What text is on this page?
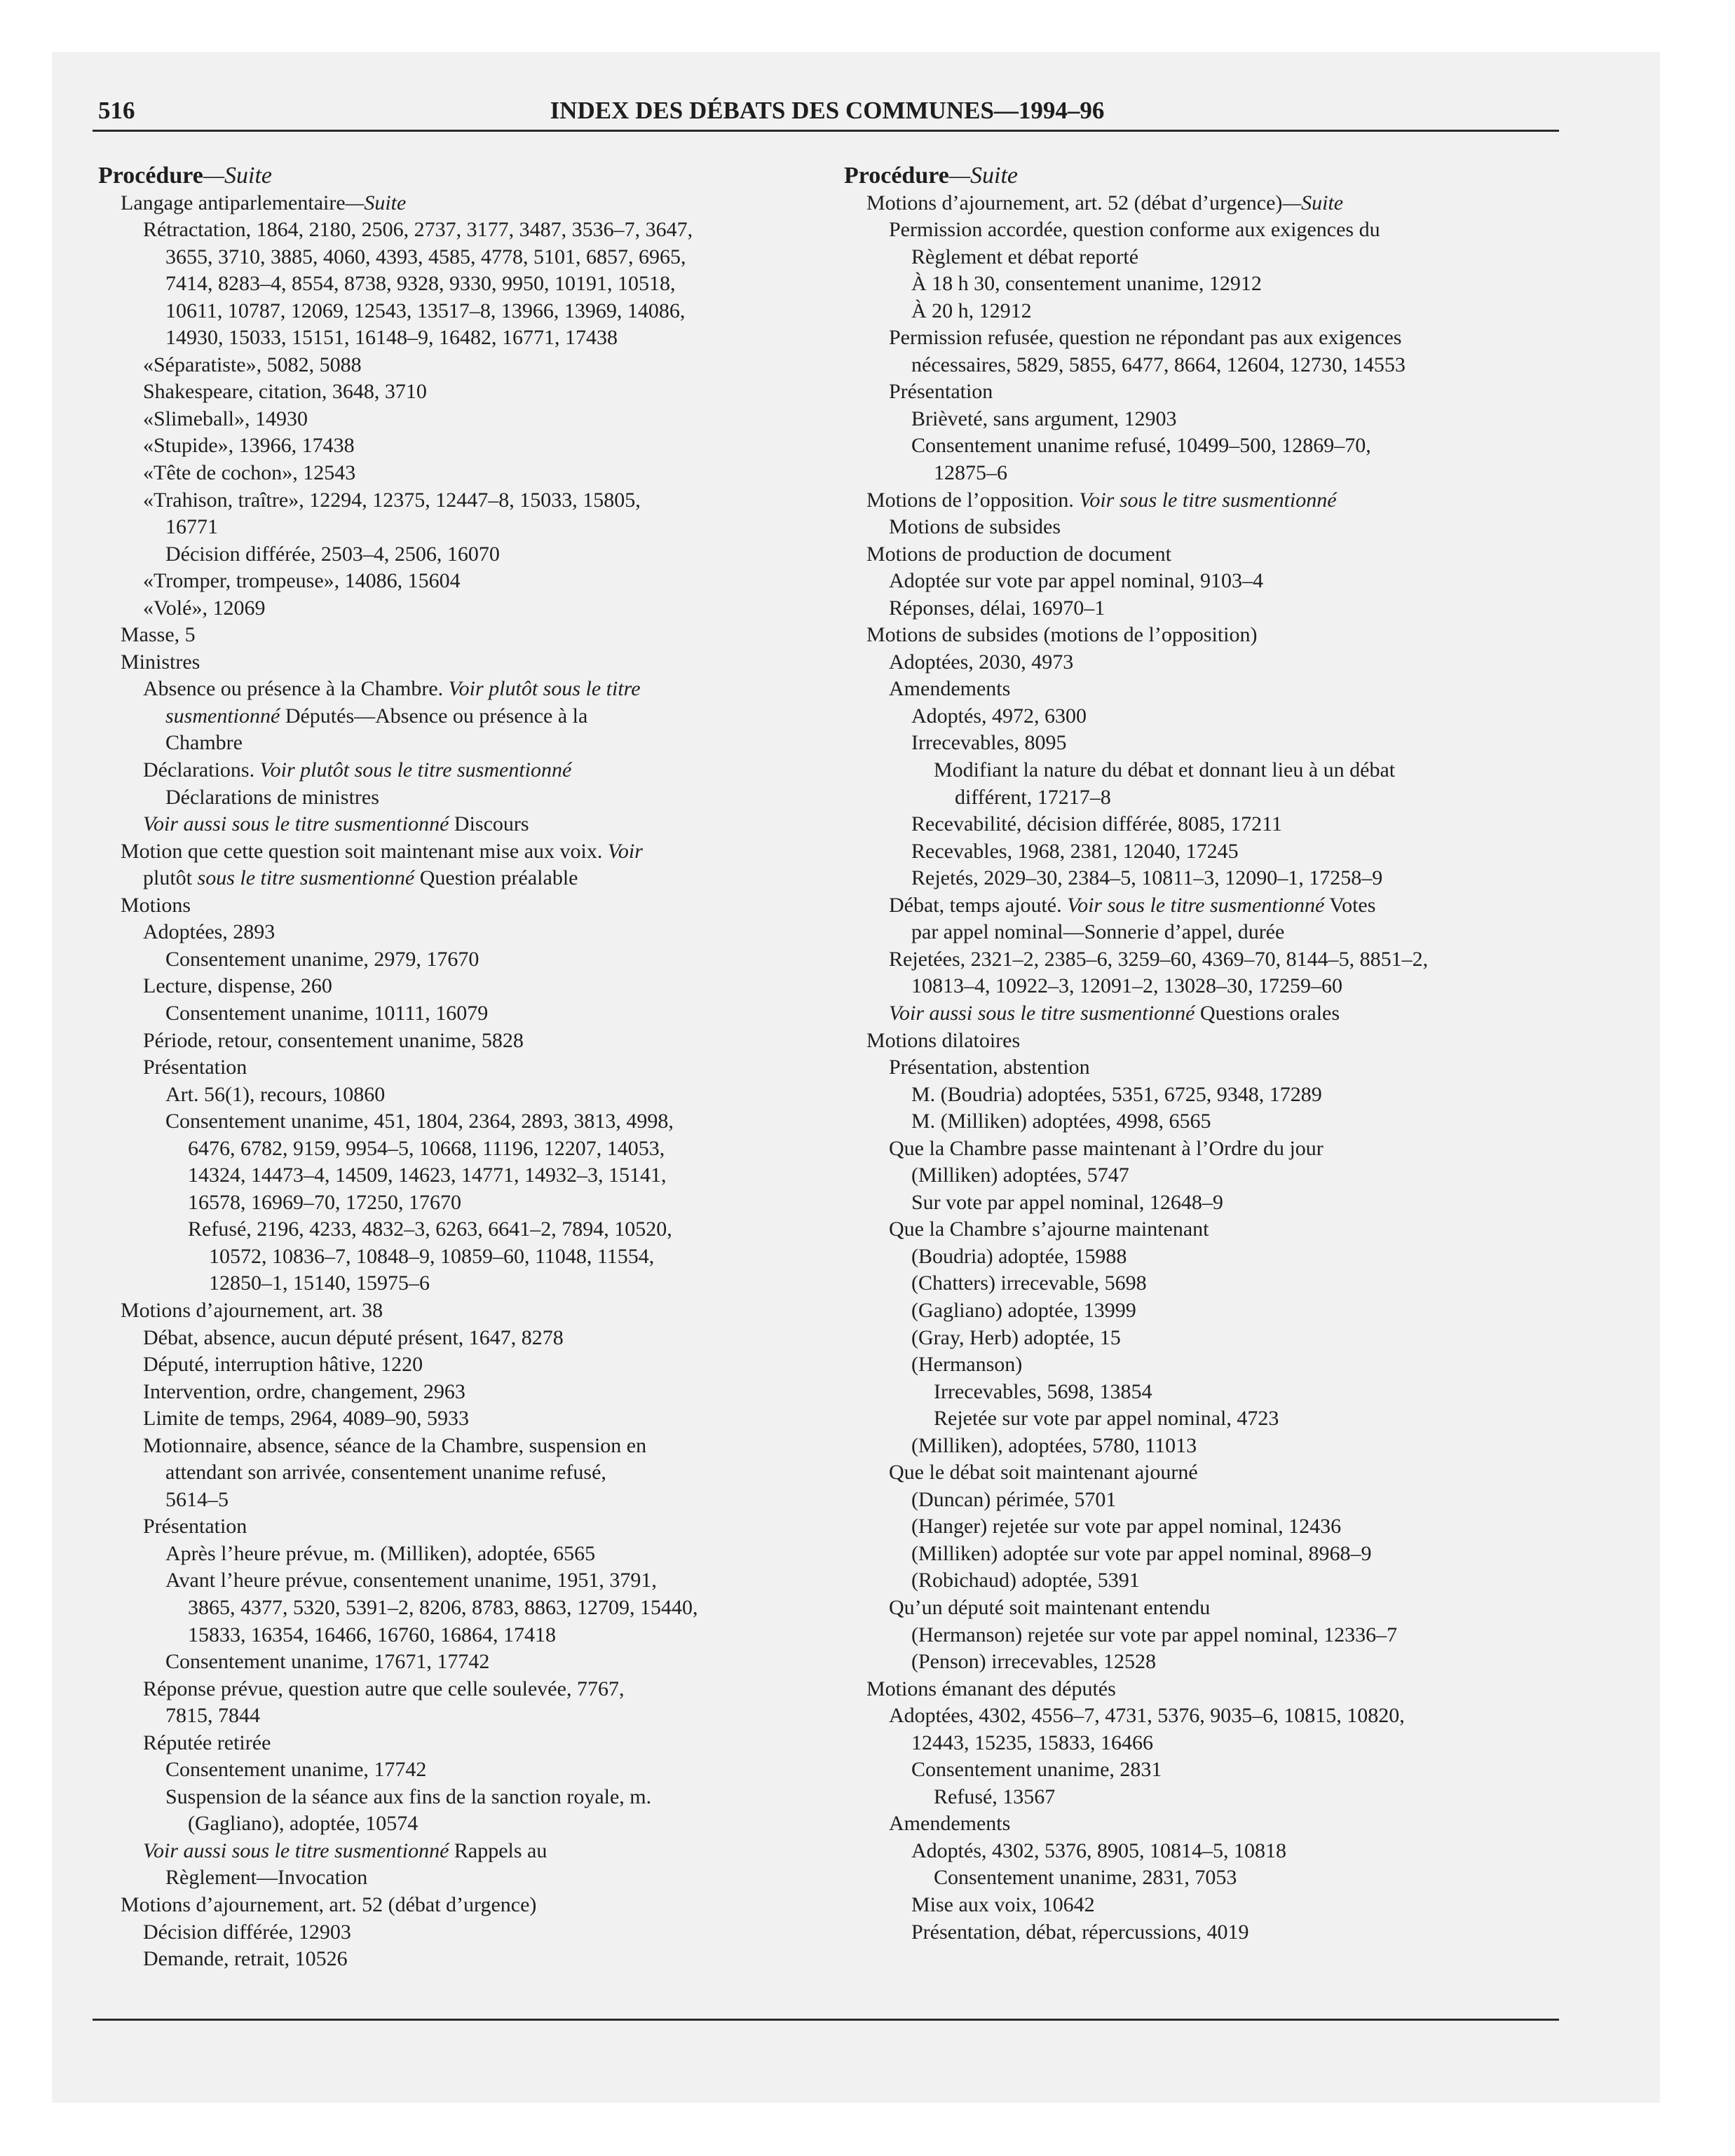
516	INDEX DES DÉBATS DES COMMUNES—1994–96
Procédure—Suite
Langage antiparlementaire—Suite
Rétractation, 1864, 2180, 2506, 2737, 3177, 3487, 3536–7, 3647,
3655, 3710, 3885, 4060, 4393, 4585, 4778, 5101, 6857, 6965,
7414, 8283–4, 8554, 8738, 9328, 9330, 9950, 10191, 10518,
10611, 10787, 12069, 12543, 13517–8, 13966, 13969, 14086,
14930, 15033, 15151, 16148–9, 16482, 16771, 17438
«Séparatiste», 5082, 5088
Shakespeare, citation, 3648, 3710
«Slimeball», 14930
«Stupide», 13966, 17438
«Tête de cochon», 12543
«Trahison, traître», 12294, 12375, 12447–8, 15033, 15805,
16771
Décision différée, 2503–4, 2506, 16070
«Tromper, trompeuse», 14086, 15604
«Volé», 12069
Masse, 5
Ministres
Absence ou présence à la Chambre. Voir plutôt sous le titre
susmentionné Députés—Absence ou présence à la
Chambre
Déclarations. Voir plutôt sous le titre susmentionné
Déclarations de ministres
Voir aussi sous le titre susmentionné Discours
Motion que cette question soit maintenant mise aux voix. Voir
plutôt sous le titre susmentionné Question préalable
Motions
Adoptées, 2893
Consentement unanime, 2979, 17670
Lecture, dispense, 260
Consentement unanime, 10111, 16079
Période, retour, consentement unanime, 5828
Présentation
Art. 56(1), recours, 10860
Consentement unanime, 451, 1804, 2364, 2893, 3813, 4998,
6476, 6782, 9159, 9954–5, 10668, 11196, 12207, 14053,
14324, 14473–4, 14509, 14623, 14771, 14932–3, 15141,
16578, 16969–70, 17250, 17670
Refusé, 2196, 4233, 4832–3, 6263, 6641–2, 7894, 10520,
10572, 10836–7, 10848–9, 10859–60, 11048, 11554,
12850–1, 15140, 15975–6
Motions d’ajournement, art. 38
Débat, absence, aucun député présent, 1647, 8278
Député, interruption hâtive, 1220
Intervention, ordre, changement, 2963
Limite de temps, 2964, 4089–90, 5933
Motionnaire, absence, séance de la Chambre, suspension en
attendant son arrivée, consentement unanime refusé,
5614–5
Présentation
Après l’heure prévue, m. (Milliken), adoptée, 6565
Avant l’heure prévue, consentement unanime, 1951, 3791,
3865, 4377, 5320, 5391–2, 8206, 8783, 8863, 12709, 15440,
15833, 16354, 16466, 16760, 16864, 17418
Consentement unanime, 17671, 17742
Réponse prévue, question autre que celle soulevée, 7767,
7815, 7844
Réputée retirée
Consentement unanime, 17742
Suspension de la séance aux fins de la sanction royale, m.
(Gagliano), adoptée, 10574
Voir aussi sous le titre susmentionné Rappels au
Règlement—Invocation
Motions d’ajournement, art. 52 (débat d’urgence)
Décision différée, 12903
Demande, retrait, 10526
Procédure—Suite
Motions d’ajournement, art. 52 (débat d’urgence)—Suite
Permission accordée, question conforme aux exigences du
Règlement et débat reporté
À 18 h 30, consentement unanime, 12912
À 20 h, 12912
Permission refusée, question ne répondant pas aux exigences
nécessaires, 5829, 5855, 6477, 8664, 12604, 12730, 14553
Présentation
Brièveté, sans argument, 12903
Consentement unanime refusé, 10499–500, 12869–70,
12875–6
Motions de l’opposition. Voir sous le titre susmentionné
Motions de subsides
Motions de production de document
Adoptée sur vote par appel nominal, 9103–4
Réponses, délai, 16970–1
Motions de subsides (motions de l’opposition)
Adoptées, 2030, 4973
Amendements
Adoptés, 4972, 6300
Irrecevables, 8095
Modifiant la nature du débat et donnant lieu à un débat
différent, 17217–8
Recevabilité, décision différée, 8085, 17211
Recevables, 1968, 2381, 12040, 17245
Rejetés, 2029–30, 2384–5, 10811–3, 12090–1, 17258–9
Débat, temps ajouté. Voir sous le titre susmentionné Votes
par appel nominal—Sonnerie d’appel, durée
Rejetées, 2321–2, 2385–6, 3259–60, 4369–70, 8144–5, 8851–2,
10813–4, 10922–3, 12091–2, 13028–30, 17259–60
Voir aussi sous le titre susmentionné Questions orales
Motions dilatoires
Présentation, abstention
M. (Boudria) adoptées, 5351, 6725, 9348, 17289
M. (Milliken) adoptées, 4998, 6565
Que la Chambre passe maintenant à l’Ordre du jour
(Milliken) adoptées, 5747
Sur vote par appel nominal, 12648–9
Que la Chambre s’ajourne maintenant
(Boudria) adoptée, 15988
(Chatters) irrecevable, 5698
(Gagliano) adoptée, 13999
(Gray, Herb) adoptée, 15
(Hermanson)
Irrecevables, 5698, 13854
Rejetée sur vote par appel nominal, 4723
(Milliken), adoptées, 5780, 11013
Que le débat soit maintenant ajourné
(Duncan) périmée, 5701
(Hanger) rejetée sur vote par appel nominal, 12436
(Milliken) adoptée sur vote par appel nominal, 8968–9
(Robichaud) adoptée, 5391
Qu’un député soit maintenant entendu
(Hermanson) rejetée sur vote par appel nominal, 12336–7
(Penson) irrecevables, 12528
Motions émanant des députés
Adoptées, 4302, 4556–7, 4731, 5376, 9035–6, 10815, 10820,
12443, 15235, 15833, 16466
Consentement unanime, 2831
Refusé, 13567
Amendements
Adoptés, 4302, 5376, 8905, 10814–5, 10818
Consentement unanime, 2831, 7053
Mise aux voix, 10642
Présentation, débat, répercussions, 4019
